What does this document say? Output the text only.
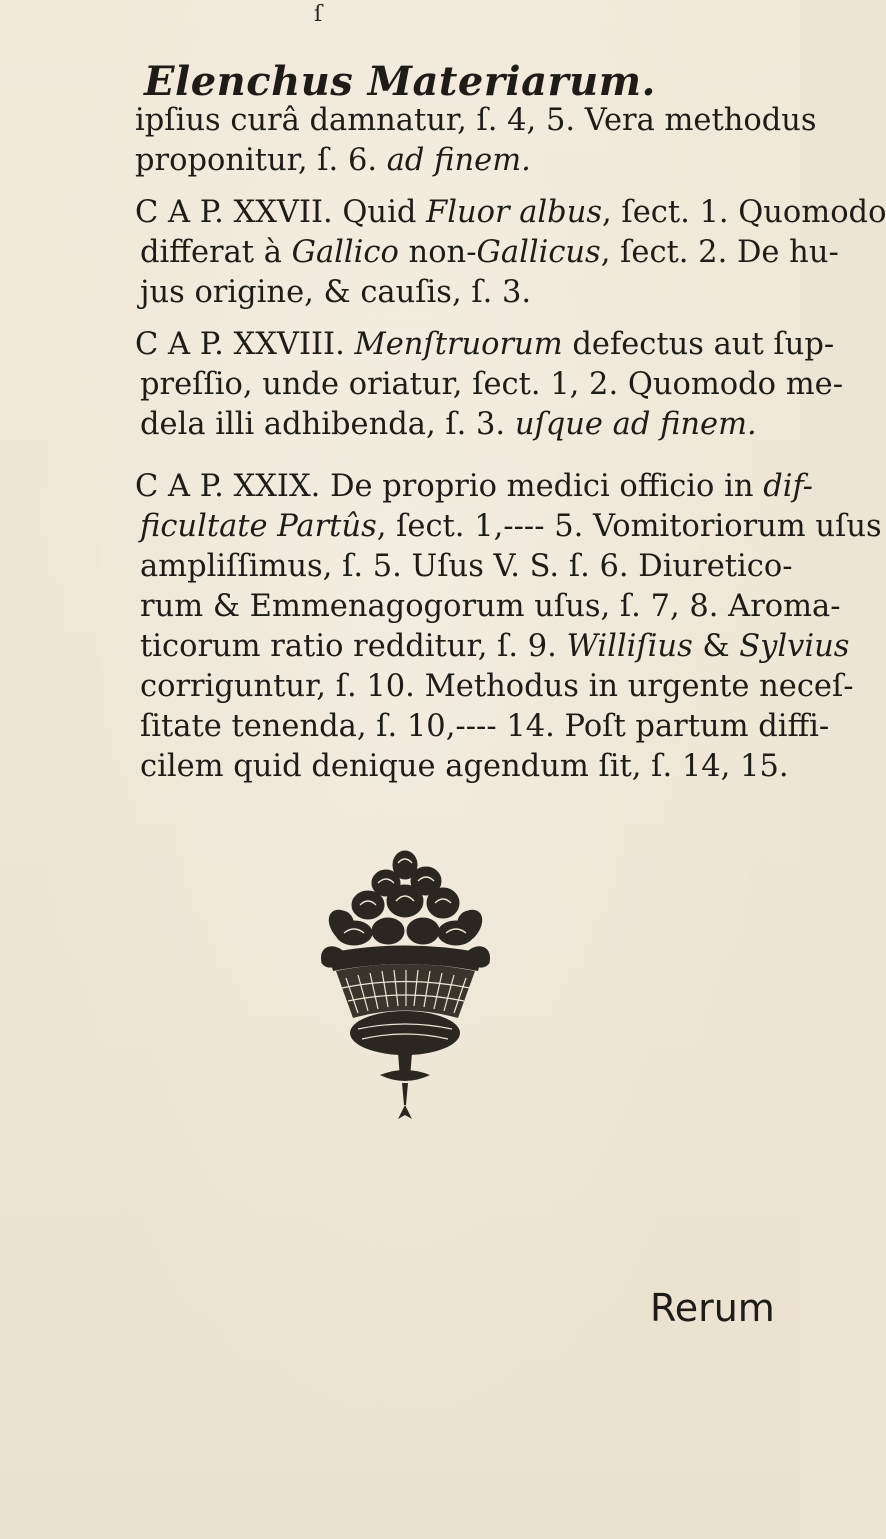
ſ
Elenchus Materiarum.
ipſius curâ damnatur, ſ. 4, 5. Vera methodus
proponitur, ſ. 6. ad finem.
C A P. XXVII. Quid Fluor albus, ſect. 1. Quomodo
differat à Gallico non-Gallicus, ſect. 2. De hu-
jus origine, & cauſis, ſ. 3.
C A P. XXVIII. Menſtruorum defectus aut ſup-
preſſio, unde oriatur, ſect. 1, 2. Quomodo me-
dela illi adhibenda, ſ. 3. uſque ad finem.
C A P. XXIX. De proprio medici officio in dif-
ficultate Partûs, ſect. 1,---- 5. Vomitoriorum uſus
ampliſſimus, ſ. 5. Uſus V. S. ſ. 6. Diuretico-
rum & Emmenagogorum uſus, ſ. 7, 8. Aroma-
ticorum ratio redditur, ſ. 9. Williſius & Sylvius
corriguntur, ſ. 10. Methodus in urgente neceſ-
ſitate tenenda, ſ. 10,---- 14. Poſt partum diffi-
cilem quid denique agendum ſit, ſ. 14, 15.
Rerum
